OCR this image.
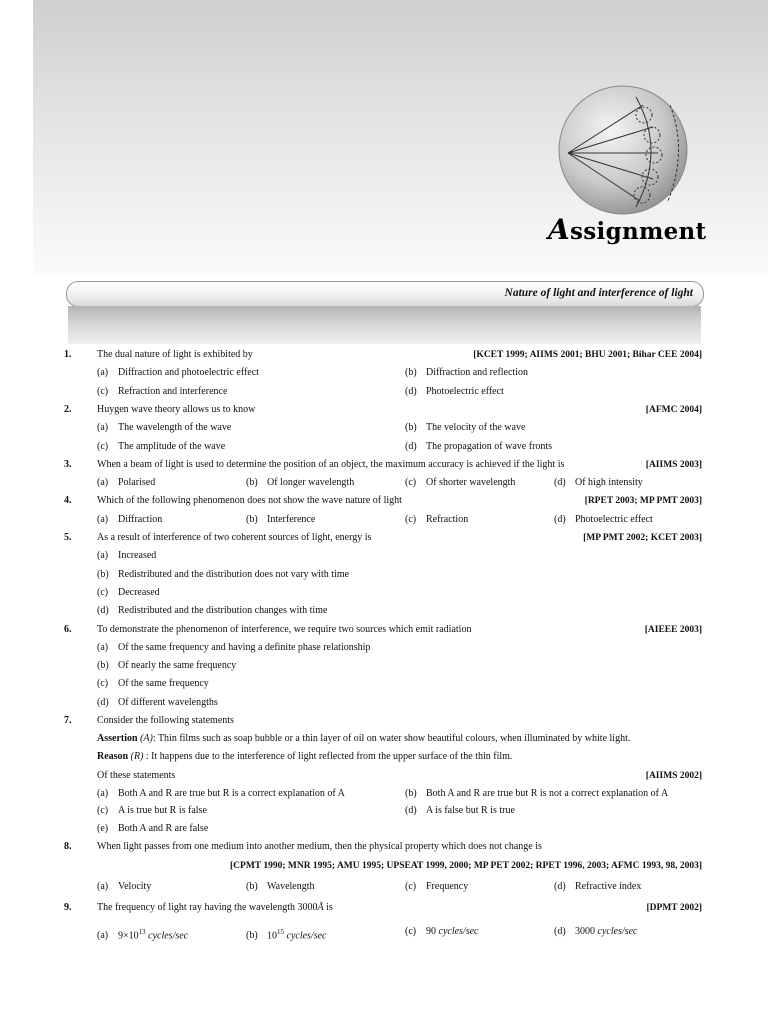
Assignment
Nature of light and interference of light
1.	The dual nature of light is exhibited by	[KCET 1999; AIIMS 2001; BHU 2001; Bihar CEE 2004]
(a) Diffraction and photoelectric effect	(b) Diffraction and reflection
(c) Refraction and interference	(d) Photoelectric effect
2.	Huygen wave theory allows us to know	[AFMC 2004]
(a) The wavelength of the wave	(b) The velocity of the wave
(c) The amplitude of the wave	(d) The propagation of wave fronts
3.	When a beam of light is used to determine the position of an object, the maximum accuracy is achieved if the light is	[AIIMS 2003]
(a) Polarised	(b) Of longer wavelength	(c) Of shorter wavelength	(d) Of high intensity
4.	Which of the following phenomenon does not show the wave nature of light	[RPET 2003; MP PMT 2003]
(a) Diffraction	(b) Interference	(c) Refraction	(d) Photoelectric effect
5.	As a result of interference of two coherent sources of light, energy is	[MP PMT 2002; KCET 2003]
(a) Increased
(b) Redistributed and the distribution does not vary with time
(c) Decreased
(d) Redistributed and the distribution changes with time
6.	To demonstrate the phenomenon of interference, we require two sources which emit radiation	[AIEEE 2003]
(a) Of the same frequency and having a definite phase relationship
(b) Of nearly the same frequency
(c) Of the same frequency
(d) Of different wavelengths
7.	Consider the following statements
Assertion (A): Thin films such as soap bubble or a thin layer of oil on water show beautiful colours, when illuminated by white light.
Reason (R) : It happens due to the interference of light reflected from the upper surface of the thin film.
Of these statements	[AIIMS 2002]
(a) Both A and R are true but R is a correct explanation of A	(b) Both A and R are true but R is not a correct explanation of A
(c) A is true but R is false	(d) A is false but R is true
(e) Both A and R are false
8.	When light passes from one medium into another medium, then the physical property which does not change is
[CPMT 1990; MNR 1995; AMU 1995; UPSEAT 1999, 2000; MP PET 2002; RPET 1996, 2003; AFMC 1993, 98, 2003]
(a) Velocity	(b) Wavelength	(c) Frequency	(d) Refractive index
9.	The frequency of light ray having the wavelength 3000Å is	[DPMT 2002]
(a) $9\times 10^{13}$ cycles/sec	(b) $10^{15}$ cycles/sec	(c) 90 cycles/sec	(d) 3000 cycles/sec
